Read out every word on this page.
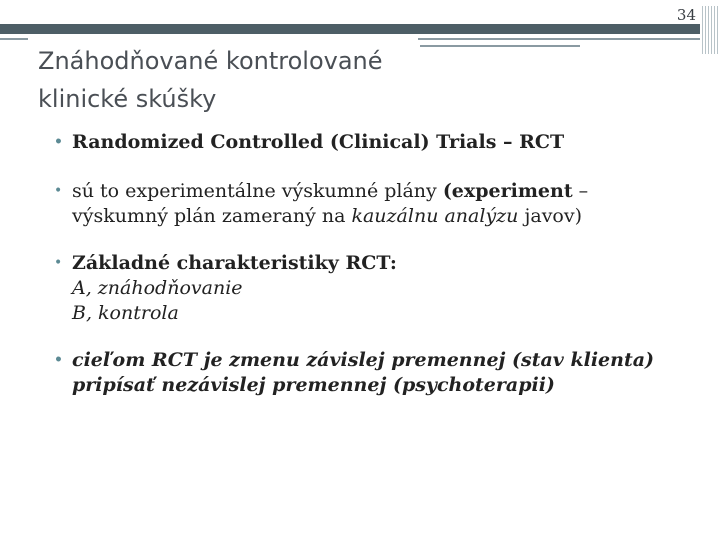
34
Znáhodňované kontrolované klinické skúšky
• Randomized Controlled (Clinical) Trials – RCT
• sú to experimentálne výskumné plány (experiment – výskumný plán zameraný na kauzálnu analýzu javov)
• Základné charakteristiky RCT:
A, znáhodňovanie
B, kontrola
• cieľom RCT je zmenu závislej premennej (stav klienta) pripísať nezávislej premennej (psychoterapii)
